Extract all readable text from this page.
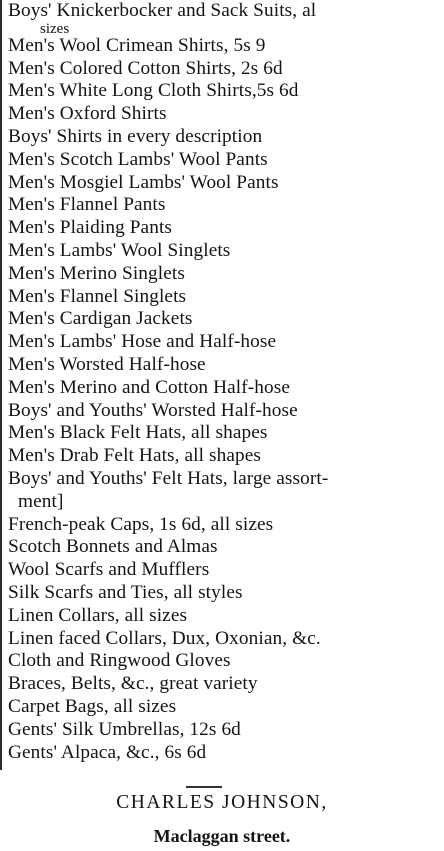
Boys' Knickerbocker and Sack Suits, al
sizes
Men's Wool Crimean Shirts, 5s 9
Men's Colored Cotton Shirts, 2s 6d
Men's White Long Cloth Shirts,5s 6d
Men's Oxford Shirts
Boys' Shirts in every description
Men's Scotch Lambs' Wool Pants
Men's Mosgiel Lambs' Wool Pants
Men's Flannel Pants
Men's Plaiding Pants
Men's Lambs' Wool Singlets
Men's Merino Singlets
Men's Flannel Singlets
Men's Cardigan Jackets
Men's Lambs' Hose and Half-hose
Men's Worsted Half-hose
Men's Merino and Cotton Half-hose
Boys' and Youths' Worsted Half-hose
Men's Black Felt Hats, all shapes
Men's Drab Felt Hats, all shapes
Boys' and Youths' Felt Hats, large assort-
ment]
French-peak Caps, 1s 6d, all sizes
Scotch Bonnets and Almas
Wool Scarfs and Mufflers
Silk Scarfs and Ties, all styles
Linen Collars, all sizes
Linen faced Collars, Dux, Oxonian, &c.
Cloth and Ringwood Gloves
Braces, Belts, &c., great variety
Carpet Bags, all sizes
Gents' Silk Umbrellas, 12s 6d
Gents' Alpaca, &c., 6s 6d
CHARLES JOHNSON,
Maclaggan street.
